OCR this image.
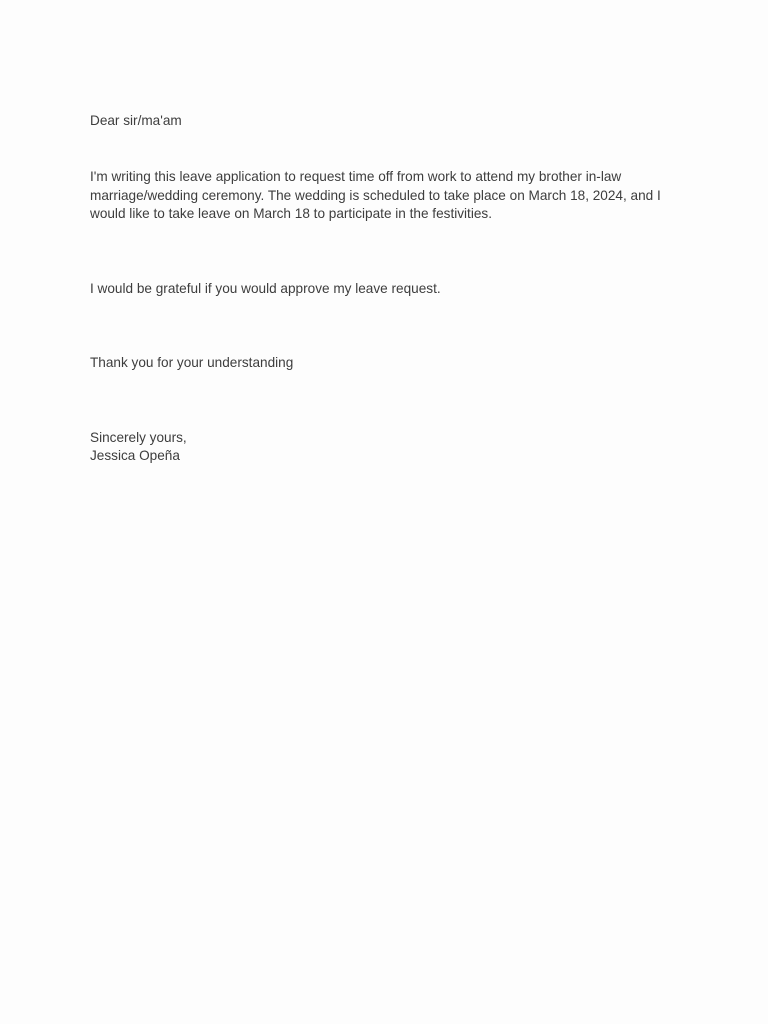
Dear sir/ma'am

I'm writing this leave application to request time off from work to attend my brother in-law marriage/wedding ceremony. The wedding is scheduled to take place on March 18, 2024, and I would like to take leave on March 18 to participate in the festivities.

I would be grateful if you would approve my leave request.

Thank you for your understanding

Sincerely yours,

Jessica Opeña
